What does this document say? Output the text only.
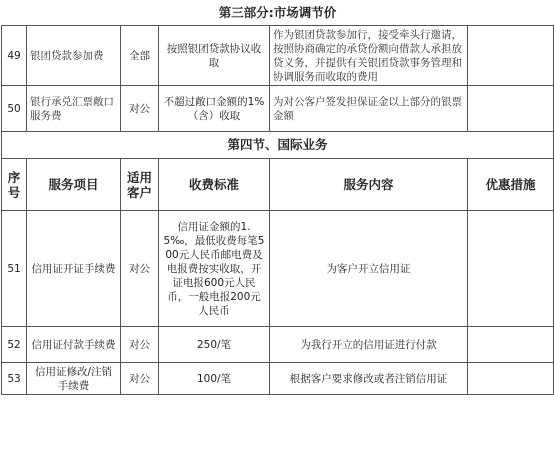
第三部分:市场调节价					
49	银团贷款参加费	全部	按照银团贷款协议收取	作为银团贷款参加行，接受牵头行邀请，按照协商确定的承贷份额向借款人承担放贷义务，并提供有关银团贷款事务管理和协调服务而收取的费用	
50	银行承兑汇票敞口服务费	对公	不超过敞口金额的1%（含）收取	为对公客户签发担保证金以上部分的银票金额	
第四节、国际业务					
序号	服务项目	适用客户	收费标准	服务内容	优惠措施
51	信用证开证手续费	对公	信用证金额的1.5‰，最低收费每笔500元人民币邮电费及电报费按实收取，开证电报600元人民币，一般电报200元人民币	为客户开立信用证	
52	信用证付款手续费	对公	250/笔	为我行开立的信用证进行付款	
53	信用证修改/注销手续费	对公	100/笔	根据客户要求修改或者注销信用证	
